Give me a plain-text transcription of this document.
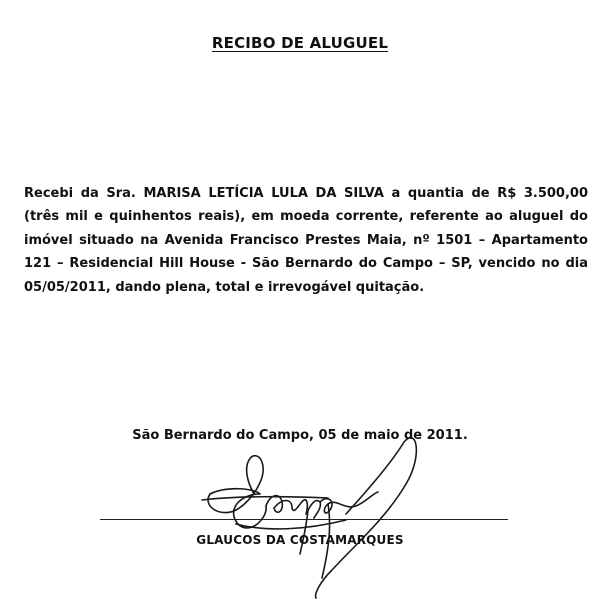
RECIBO DE ALUGUEL
Recebi da Sra. MARISA LETÍCIA LULA DA SILVA a quantia de R$ 3.500,00 (três mil e quinhentos reais), em moeda corrente, referente ao aluguel do imóvel situado na Avenida Francisco Prestes Maia, nº 1501 – Apartamento 121 – Residencial Hill House - São Bernardo do Campo – SP, vencido no dia 05/05/2011, dando plena, total e irrevogável quitação.
São Bernardo do Campo, 05 de maio de 2011.
GLAUCOS DA COSTAMARQUES
